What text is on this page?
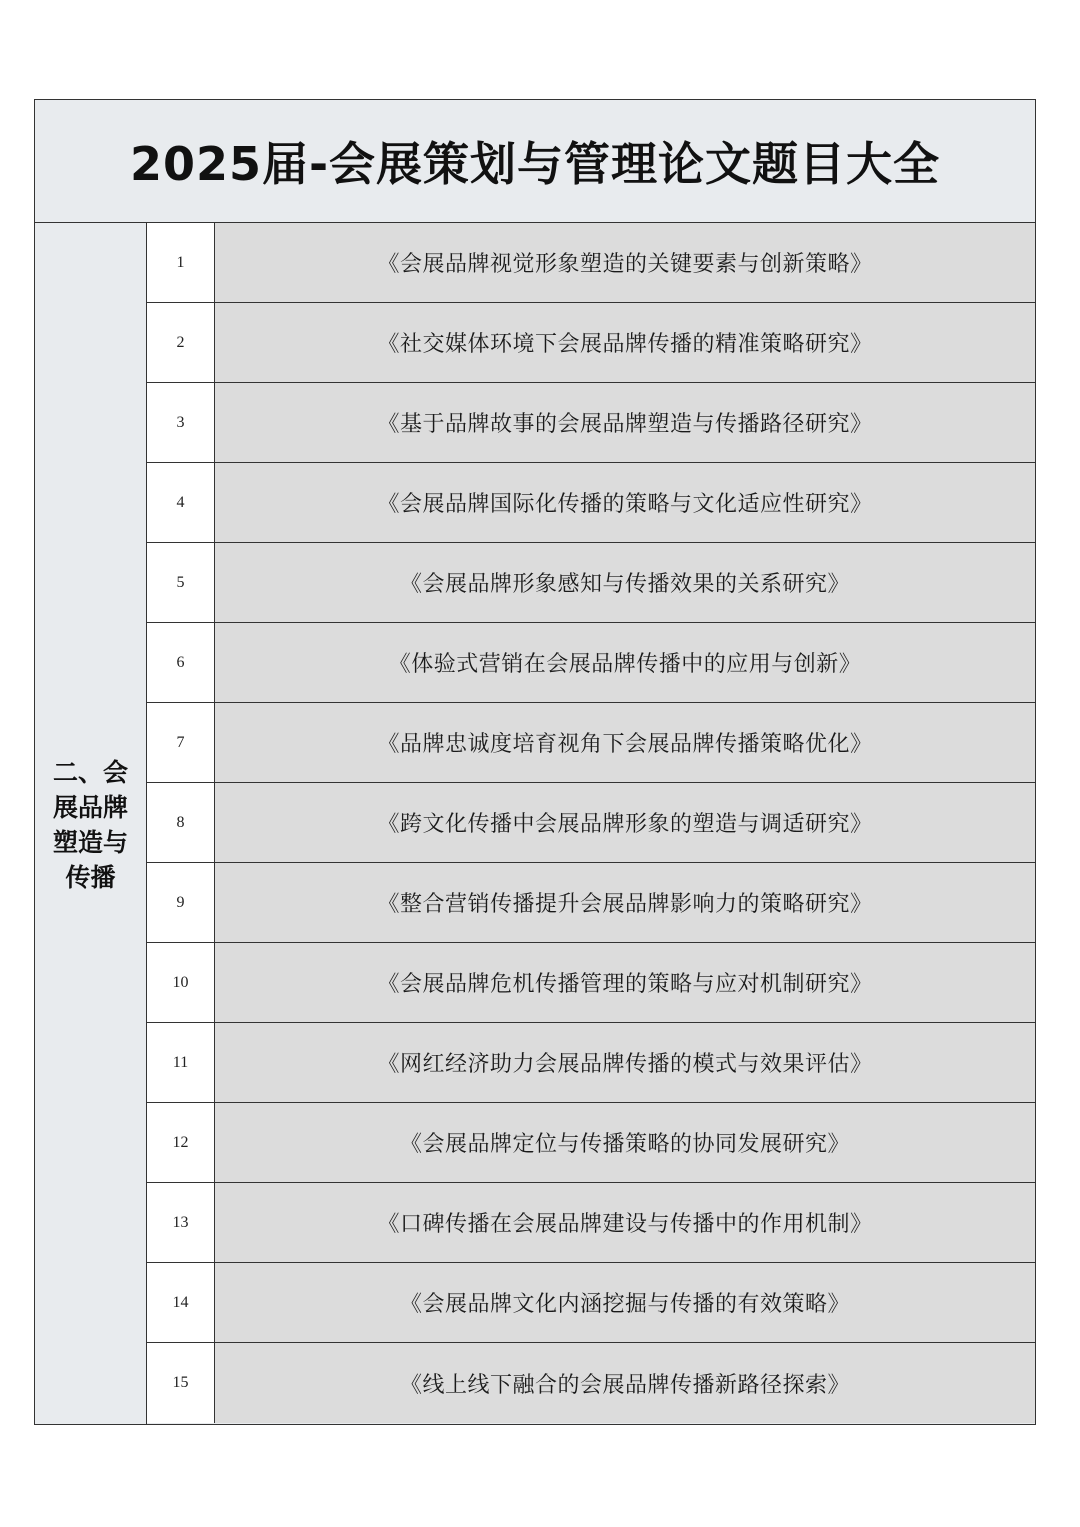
2025届-会展策划与管理论文题目大全
二、会展品牌塑造与传播
1	《会展品牌视觉形象塑造的关键要素与创新策略》
2	《社交媒体环境下会展品牌传播的精准策略研究》
3	《基于品牌故事的会展品牌塑造与传播路径研究》
4	《会展品牌国际化传播的策略与文化适应性研究》
5	《会展品牌形象感知与传播效果的关系研究》
6	《体验式营销在会展品牌传播中的应用与创新》
7	《品牌忠诚度培育视角下会展品牌传播策略优化》
8	《跨文化传播中会展品牌形象的塑造与调适研究》
9	《整合营销传播提升会展品牌影响力的策略研究》
10	《会展品牌危机传播管理的策略与应对机制研究》
11	《网红经济助力会展品牌传播的模式与效果评估》
12	《会展品牌定位与传播策略的协同发展研究》
13	《口碑传播在会展品牌建设与传播中的作用机制》
14	《会展品牌文化内涵挖掘与传播的有效策略》
15	《线上线下融合的会展品牌传播新路径探索》
